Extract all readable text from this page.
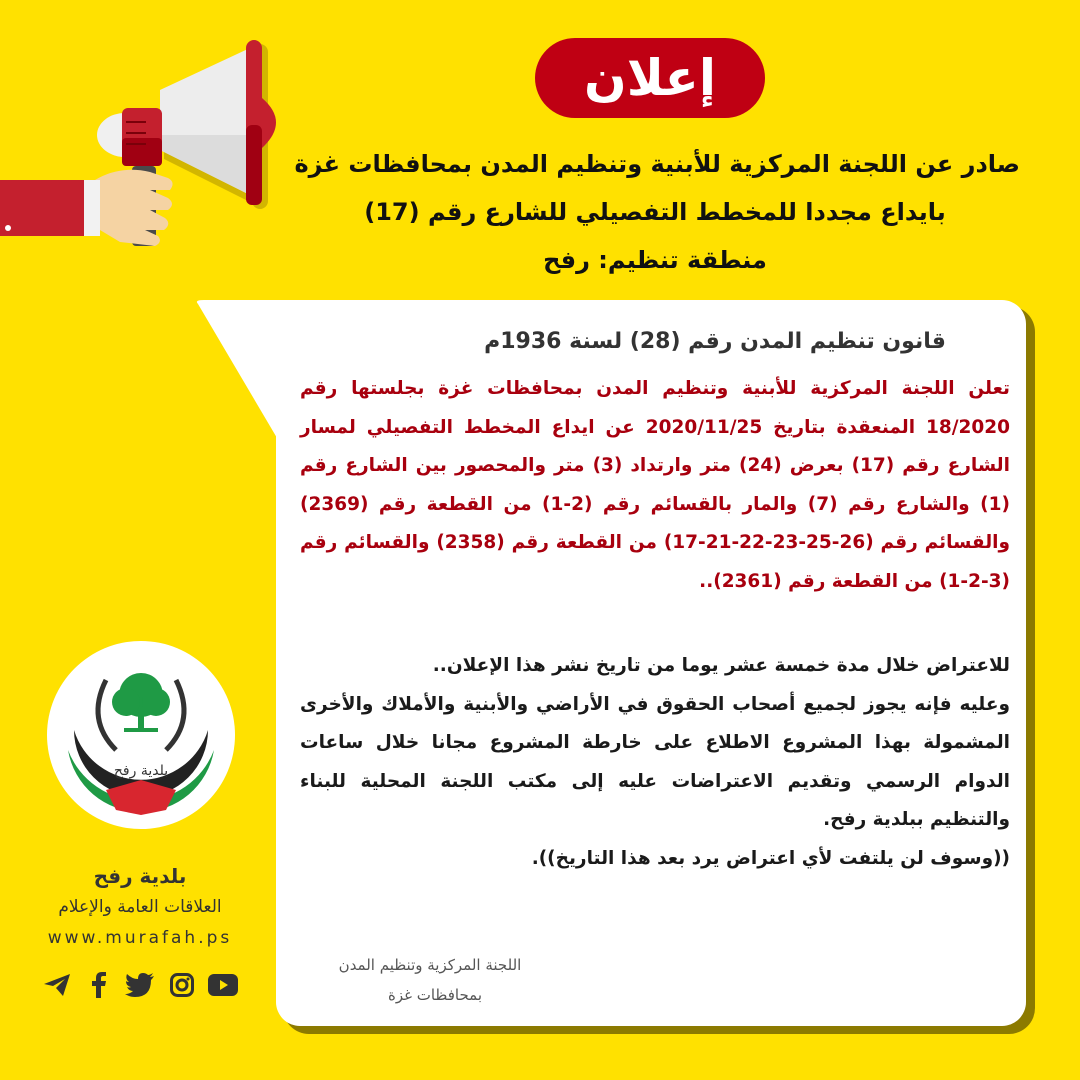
إعلان
صادر عن اللجنة المركزية للأبنية وتنظيم المدن بمحافظات غزة
بايداع مجددا للمخطط التفصيلي للشارع رقم (17)
منطقة تنظيم: رفح
قانون تنظيم المدن رقم (28) لسنة 1936م
تعلن اللجنة المركزية للأبنية وتنظيم المدن بمحافظات غزة بجلستها رقم 18/2020 المنعقدة بتاريخ 2020/11/25 عن ايداع المخطط التفصيلي لمسار الشارع رقم (17) بعرض (24) متر وارتداد (3) متر والمحصور بين الشارع رقم (1) والشارع رقم (7) والمار بالقسائم رقم (2-1) من القطعة رقم (2369) والقسائم رقم (26-25-23-22-21-17) من القطعة رقم (2358) والقسائم رقم (3-2-1) من القطعة رقم (2361)..

للاعتراض خلال مدة خمسة عشر يوما من تاريخ نشر هذا الإعلان..

وعليه فإنه يجوز لجميع أصحاب الحقوق في الأراضي والأبنية والأملاك والأخرى المشمولة بهذا المشروع الاطلاع على خارطة المشروع مجانا خلال ساعات الدوام الرسمي وتقديم الاعتراضات عليه إلى مكتب اللجنة المحلية للبناء والتنظيم ببلدية رفح.

((وسوف لن يلتفت لأي اعتراض يرد بعد هذا التاريخ)).

اللجنة المركزية وتنظيم المدن
بمحافظات غزة
بلدية رفح
بلدية رفح
العلاقات العامة والإعلام
www.murafah.ps
